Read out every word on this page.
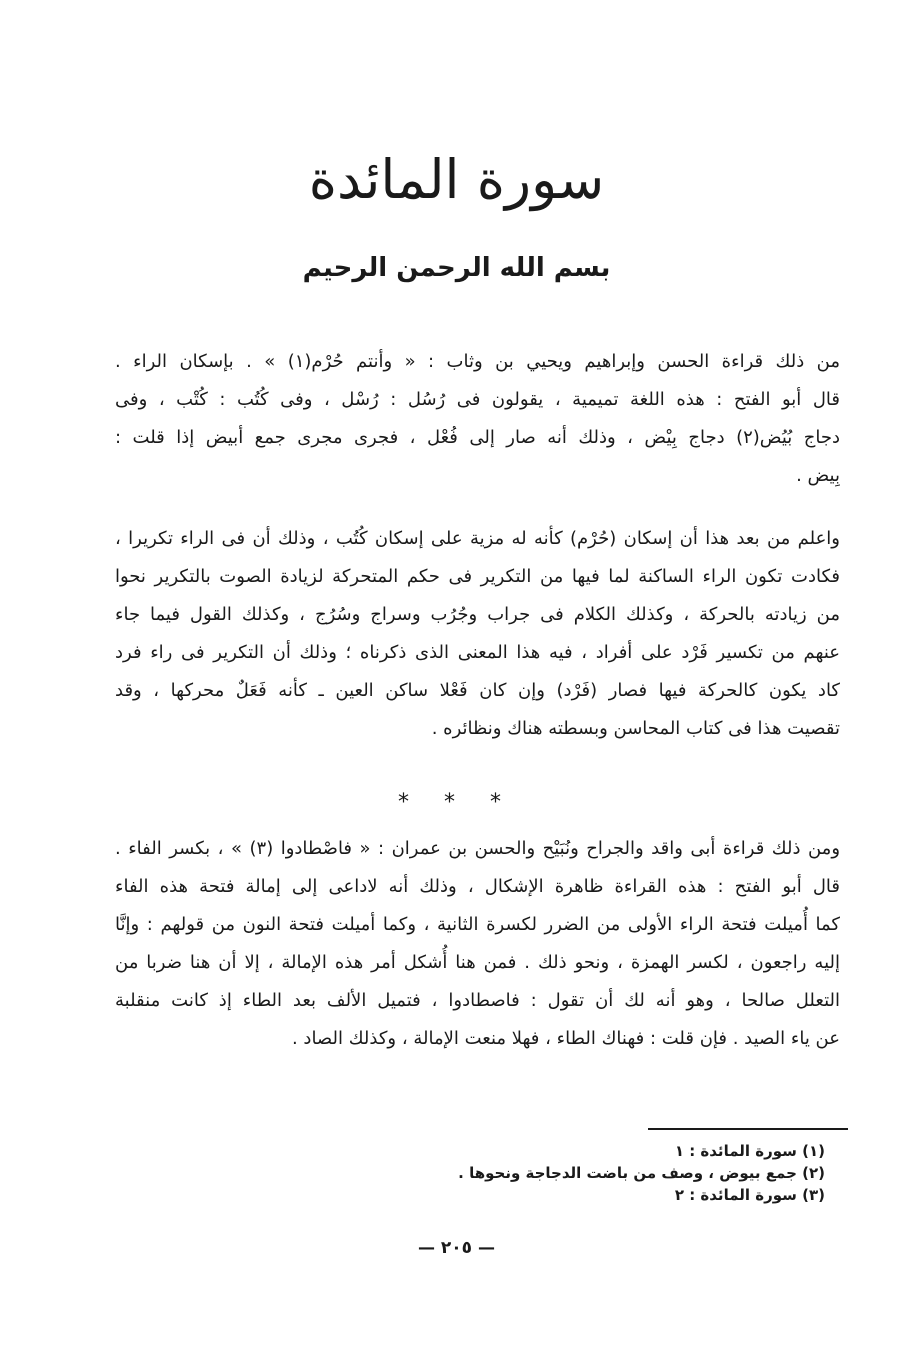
سورة المائدة
بسم الله الرحمن الرحيم
من ذلك قراءة الحسن وإبراهيم ويحيي بن وثاب : « وأنتم حُرْم(١) » . بإسكان الراء .
قال أبو الفتح : هذه اللغة تميمية ، يقولون فى رُسُل : رُسْل ، وفى كُتُب : كُتْب ، وفى
دجاج بُيُض(٢) دجاج بِيْض ، وذلك أنه صار إلى فُعْل ، فجرى مجرى جمع أبيض إذا قلت :
بِيض .
واعلم من بعد هذا أن إسكان (حُرْم) كأنه له مزية على إسكان كُتُب ، وذلك أن فى الراء تكريرا ،
فكادت تكون الراء الساكنة لما فيها من التكرير فى حكم المتحركة لزيادة الصوت بالتكرير نحوا
من زيادته بالحركة ، وكذلك الكلام فى جراب وجُرُب وسراج وسُرُج ، وكذلك القول فيما جاء
عنهم من تكسير فَرْد على أفراد ، فيه هذا المعنى الذى ذكرناه ؛ وذلك أن التكرير فى راء فرد
كاد يكون كالحركة فيها فصار (فَرْد) وإن كان فَعْلا ساكن العين ـ كأنه فَعَلٌ محركها ، وقد
تقصيت هذا فى كتاب المحاسن وبسطته هناك ونظائره .
* * *
ومن ذلك قراءة أبى واقد والجراح ونُبَيْح والحسن بن عمران : « فاصْطادوا (٣) » ، بكسر الفاء .
قال أبو الفتح : هذه القراءة ظاهرة الإشكال ، وذلك أنه لاداعى إلى إمالة فتحة هذه الفاء
كما أُميلت فتحة الراء الأولى من الضرر لكسرة الثانية ، وكما أميلت فتحة النون من قولهم : وإنَّا
إليه راجعون ، لكسر الهمزة ، ونحو ذلك . فمن هنا أُشكل أمر هذه الإمالة ، إلا أن هنا ضربا من
التعلل صالحا ، وهو أنه لك أن تقول : فاصطادوا ، فتميل الألف بعد الطاء إذ كانت منقلبة
عن ياء الصيد . فإن قلت : فهناك الطاء ، فهلا منعت الإمالة ، وكذلك الصاد .
(١) سورة المائدة : ١
(٢) جمع بيوض ، وصف من باضت الدجاجة ونحوها .
(٣) سورة المائدة : ٢
— ٢٠٥ —
